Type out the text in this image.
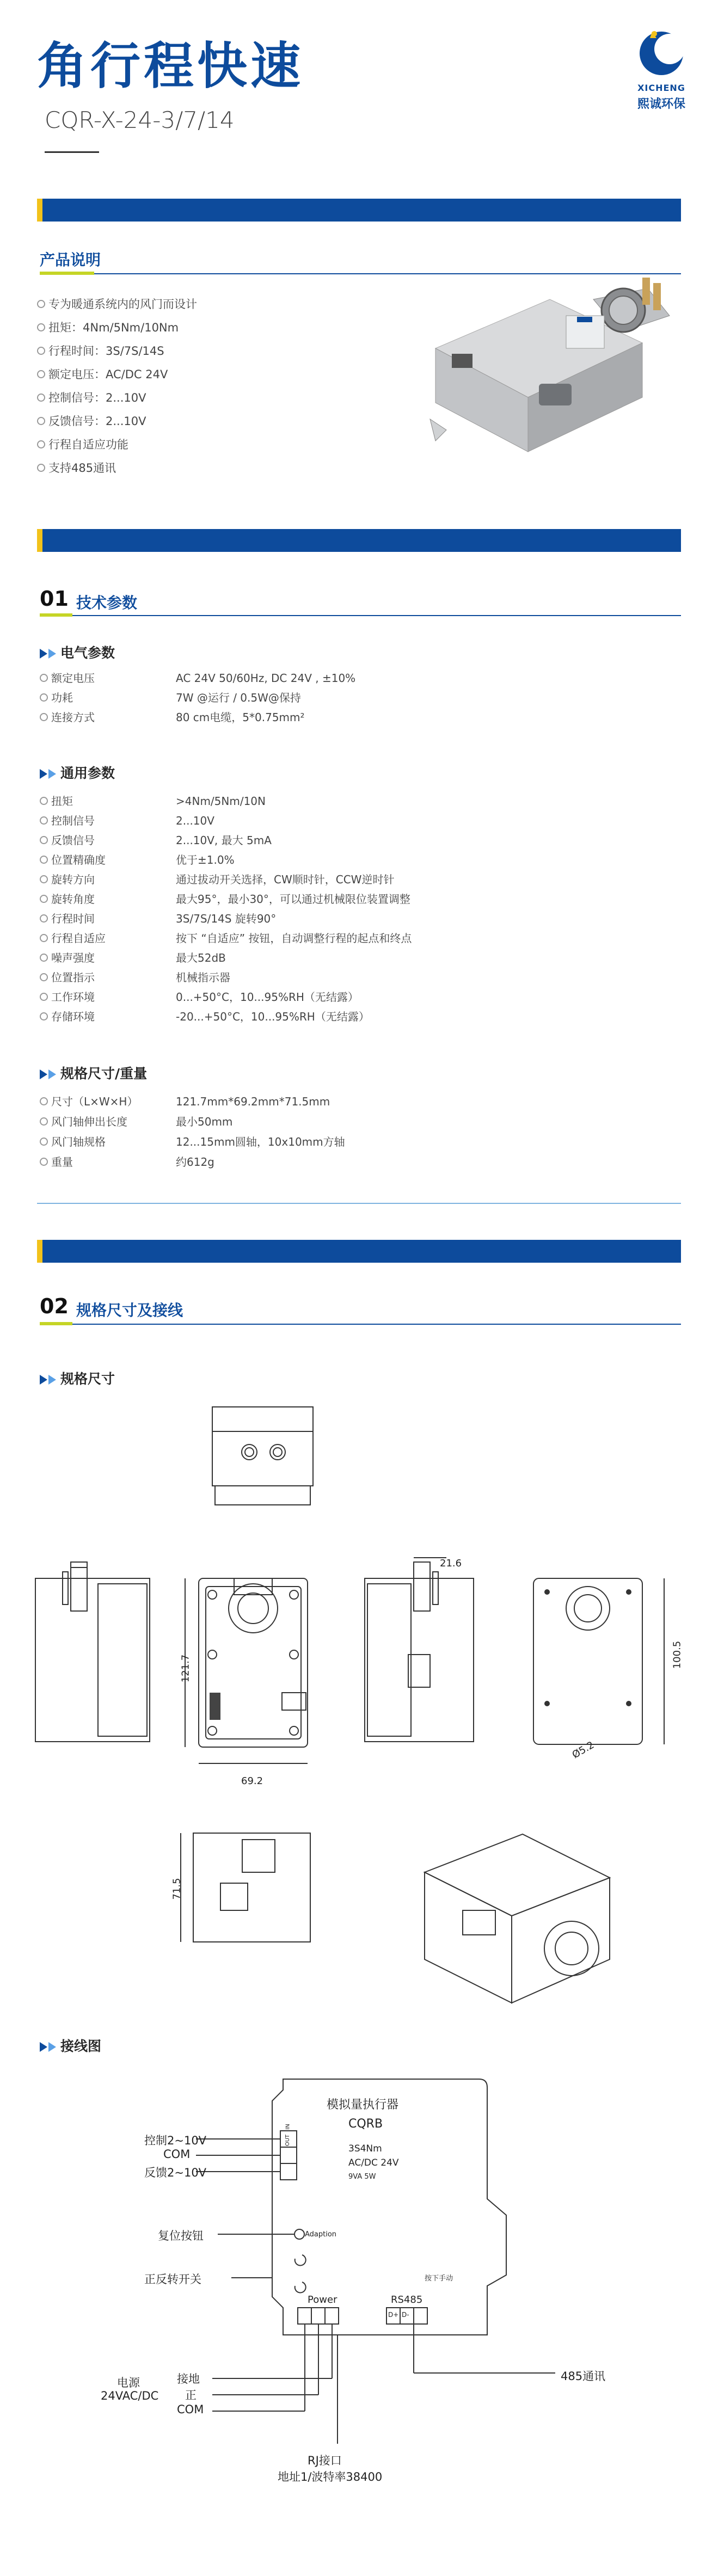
角行程快速
CQR-X-24-3/7/14
XICHENG
熙诚环保
产品说明
专为暖通系统内的风门而设计
扭矩：4Nm/5Nm/10Nm
行程时间：3S/7S/14S
额定电压：AC/DC 24V
控制信号：2...10V
反馈信号：2...10V
行程自适应功能
支持485通讯
01 技术参数
电气参数
额定电压	AC 24V 50/60Hz, DC 24V , ±10%
功耗	7W @运行 / 0.5W@保持
连接方式	80 cm电缆，5*0.75mm²
通用参数
扭矩	>4Nm/5Nm/10N
控制信号	2...10V
反馈信号	2...10V, 最大 5mA
位置精确度	优于±1.0%
旋转方向	通过拔动开关选择，CW顺时针，CCW逆时针
旋转角度	最大95°，最小30°，可以通过机械限位装置调整
行程时间	3S/7S/14S 旋转90°
行程自适应	按下 “自适应” 按钮，自动调整行程的起点和终点
噪声强度	最大52dB
位置指示	机械指示器
工作环境	0...+50°C，10...95%RH（无结露）
存储环境	-20...+50°C，10...95%RH（无结露）
规格尺寸/重量
尺寸（L×W×H）	121.7mm*69.2mm*71.5mm
风门轴伸出长度	最小50mm
风门轴规格	12...15mm圆轴，10x10mm方轴
重量	约612g
02 规格尺寸及接线
规格尺寸
121.7
69.2
21.6
100.5
Ø5.2
71.5
接线图
模拟量执行器
CQRB
3S4Nm
AC/DC 24V
9VA 5W
Adaption
按下手动
Power	RS485
OUT
IN
D+ D-
控制2~10V
COM
反馈2~10V
复位按钮
正反转开关
电源
24VAC/DC
接地
正
COM
485通讯
RJ接口
地址1/波特率38400
